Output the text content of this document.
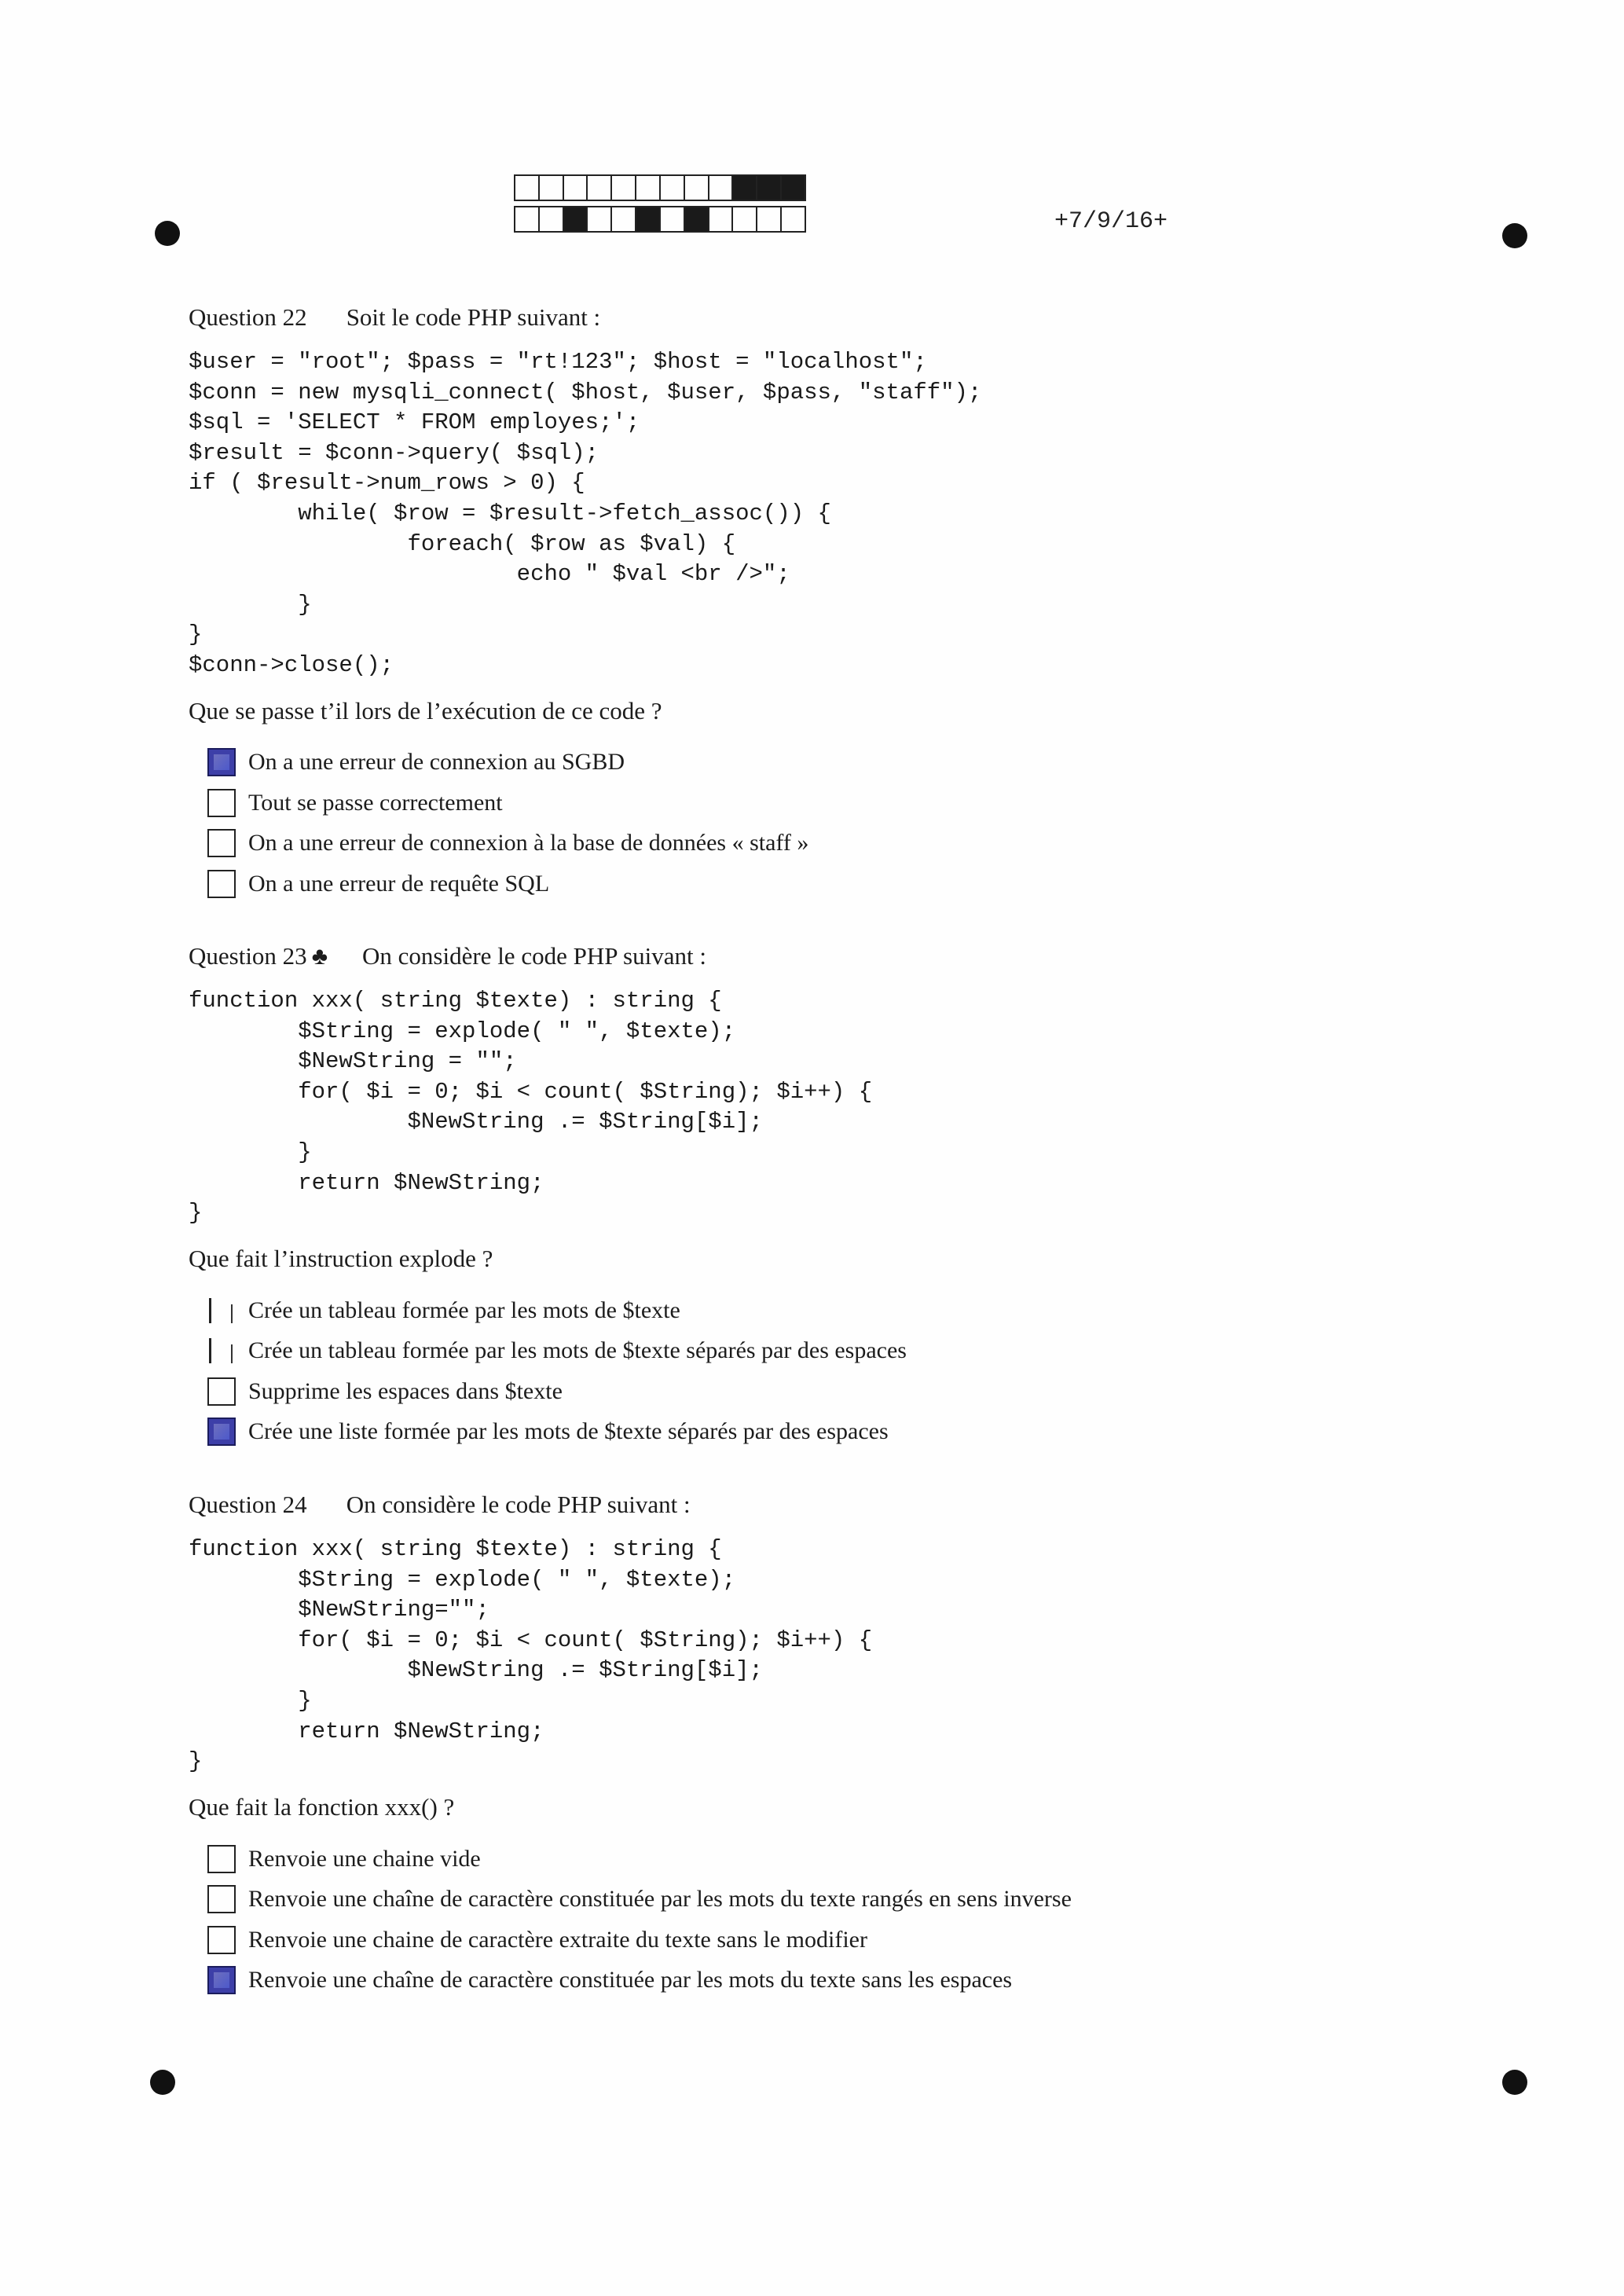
+7/9/16+
Question 22 Soit le code PHP suivant :
$user = "root"; $pass = "rt!123"; $host = "localhost";
$conn = new mysqli_connect( $host, $user, $pass, "staff");
$sql = 'SELECT * FROM employes;';
$result = $conn->query( $sql);
if ( $result->num_rows > 0) {
while( $row = $result->fetch_assoc()) {
foreach( $row as $val) {
echo " $val <br />";
}
}
$conn->close();
Que se passe t’il lors de l’exécution de ce code ?
On a une erreur de connexion au SGBD
Tout se passe correctement
On a une erreur de connexion à la base de données « staff »
On a une erreur de requête SQL
Question 23 ♣ On considère le code PHP suivant :
function xxx( string $texte) : string {
$String = explode( " ", $texte);
$NewString = "";
for( $i = 0; $i < count( $String); $i++) {
$NewString .= $String[$i];
}
return $NewString;
}
Que fait l’instruction explode ?
Crée un tableau formée par les mots de $texte
Crée un tableau formée par les mots de $texte séparés par des espaces
Supprime les espaces dans $texte
Crée une liste formée par les mots de $texte séparés par des espaces
Question 24 On considère le code PHP suivant :
function xxx( string $texte) : string {
$String = explode( " ", $texte);
$NewString="";
for( $i = 0; $i < count( $String); $i++) {
$NewString .= $String[$i];
}
return $NewString;
}
Que fait la fonction xxx() ?
Renvoie une chaine vide
Renvoie une chaîne de caractère constituée par les mots du texte rangés en sens inverse
Renvoie une chaine de caractère extraite du texte sans le modifier
Renvoie une chaîne de caractère constituée par les mots du texte sans les espaces
